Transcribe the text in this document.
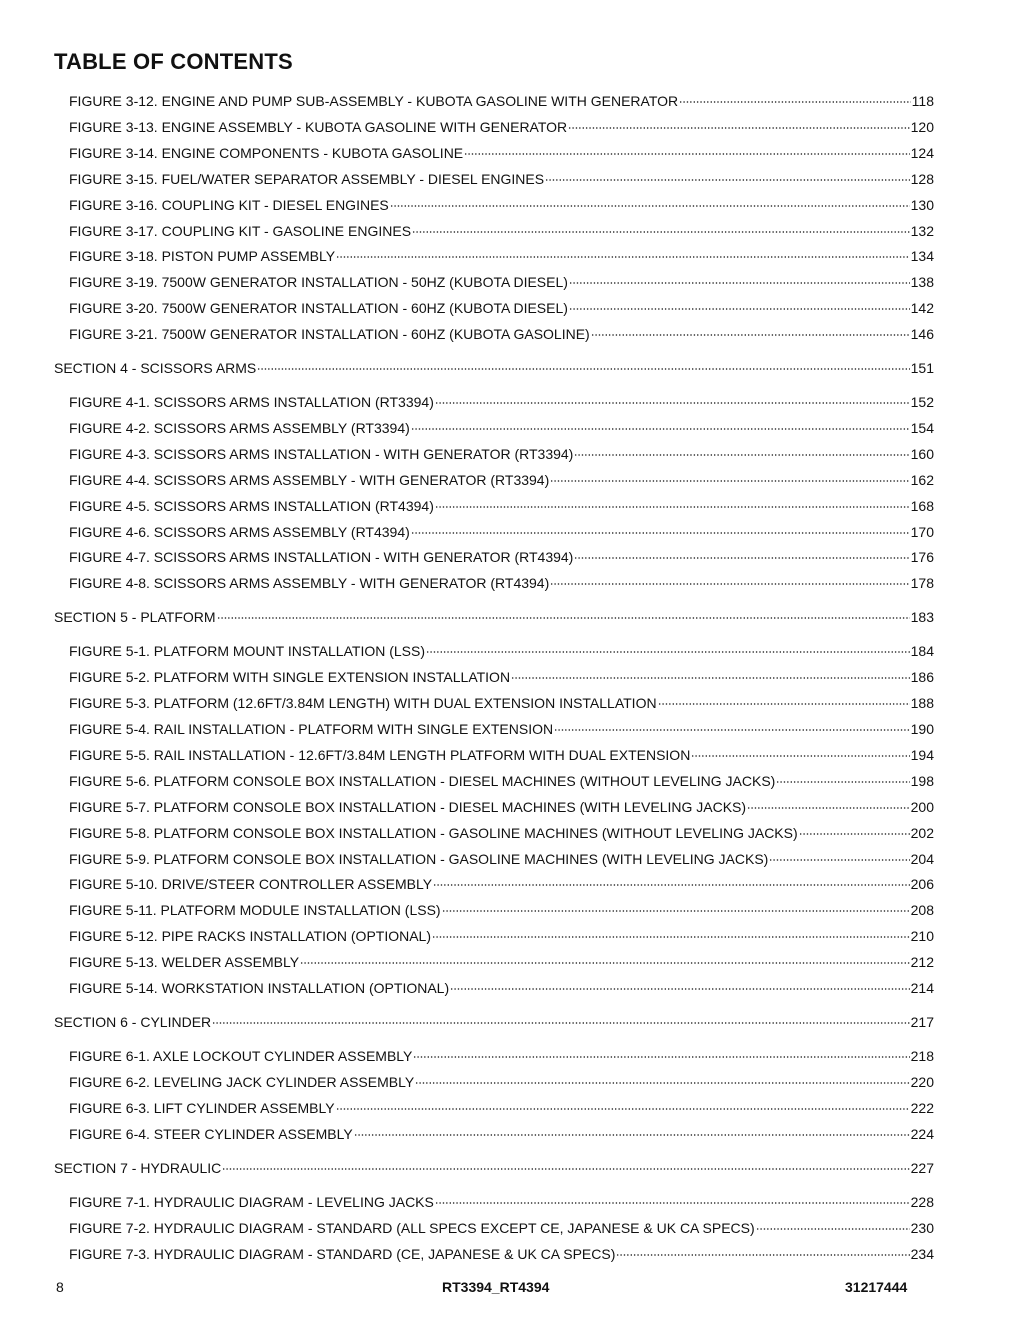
TABLE OF CONTENTS
FIGURE 3-12. ENGINE AND PUMP SUB-ASSEMBLY - KUBOTA GASOLINE WITH GENERATOR	118
FIGURE 3-13. ENGINE ASSEMBLY - KUBOTA GASOLINE WITH GENERATOR	120
FIGURE 3-14. ENGINE COMPONENTS - KUBOTA GASOLINE	124
FIGURE 3-15. FUEL/WATER SEPARATOR ASSEMBLY - DIESEL ENGINES	128
FIGURE 3-16. COUPLING KIT - DIESEL ENGINES	130
FIGURE 3-17. COUPLING KIT - GASOLINE ENGINES	132
FIGURE 3-18. PISTON PUMP ASSEMBLY	134
FIGURE 3-19. 7500W GENERATOR INSTALLATION - 50HZ (KUBOTA DIESEL)	138
FIGURE 3-20. 7500W GENERATOR INSTALLATION - 60HZ (KUBOTA DIESEL)	142
FIGURE 3-21. 7500W GENERATOR INSTALLATION - 60HZ (KUBOTA GASOLINE)	146
SECTION 4 - SCISSORS ARMS	151
FIGURE 4-1. SCISSORS ARMS INSTALLATION (RT3394)	152
FIGURE 4-2. SCISSORS ARMS ASSEMBLY (RT3394)	154
FIGURE 4-3. SCISSORS ARMS INSTALLATION - WITH GENERATOR (RT3394)	160
FIGURE 4-4. SCISSORS ARMS ASSEMBLY - WITH GENERATOR (RT3394)	162
FIGURE 4-5. SCISSORS ARMS INSTALLATION (RT4394)	168
FIGURE 4-6. SCISSORS ARMS ASSEMBLY (RT4394)	170
FIGURE 4-7. SCISSORS ARMS INSTALLATION - WITH GENERATOR (RT4394)	176
FIGURE 4-8. SCISSORS ARMS ASSEMBLY - WITH GENERATOR (RT4394)	178
SECTION 5 - PLATFORM	183
FIGURE 5-1. PLATFORM MOUNT INSTALLATION (LSS)	184
FIGURE 5-2. PLATFORM WITH SINGLE EXTENSION INSTALLATION	186
FIGURE 5-3. PLATFORM (12.6FT/3.84M LENGTH) WITH DUAL EXTENSION INSTALLATION	188
FIGURE 5-4. RAIL INSTALLATION - PLATFORM WITH SINGLE EXTENSION	190
FIGURE 5-5. RAIL INSTALLATION - 12.6FT/3.84M LENGTH PLATFORM WITH DUAL EXTENSION	194
FIGURE 5-6. PLATFORM CONSOLE BOX INSTALLATION - DIESEL MACHINES (WITHOUT LEVELING JACKS)	198
FIGURE 5-7. PLATFORM CONSOLE BOX INSTALLATION - DIESEL MACHINES (WITH LEVELING JACKS)	200
FIGURE 5-8. PLATFORM CONSOLE BOX INSTALLATION - GASOLINE MACHINES (WITHOUT LEVELING JACKS)	202
FIGURE 5-9. PLATFORM CONSOLE BOX INSTALLATION - GASOLINE MACHINES (WITH LEVELING JACKS)	204
FIGURE 5-10. DRIVE/STEER CONTROLLER ASSEMBLY	206
FIGURE 5-11. PLATFORM MODULE INSTALLATION (LSS)	208
FIGURE 5-12. PIPE RACKS INSTALLATION (OPTIONAL)	210
FIGURE 5-13. WELDER ASSEMBLY	212
FIGURE 5-14. WORKSTATION INSTALLATION (OPTIONAL)	214
SECTION 6 - CYLINDER	217
FIGURE 6-1. AXLE LOCKOUT CYLINDER ASSEMBLY	218
FIGURE 6-2. LEVELING JACK CYLINDER ASSEMBLY	220
FIGURE 6-3. LIFT CYLINDER ASSEMBLY	222
FIGURE 6-4. STEER CYLINDER ASSEMBLY	224
SECTION 7 - HYDRAULIC	227
FIGURE 7-1. HYDRAULIC DIAGRAM - LEVELING JACKS	228
FIGURE 7-2. HYDRAULIC DIAGRAM - STANDARD (ALL SPECS EXCEPT CE, JAPANESE & UK CA SPECS)	230
FIGURE 7-3. HYDRAULIC DIAGRAM - STANDARD (CE, JAPANESE & UK CA SPECS)	234
8	RT3394_RT4394	31217444
